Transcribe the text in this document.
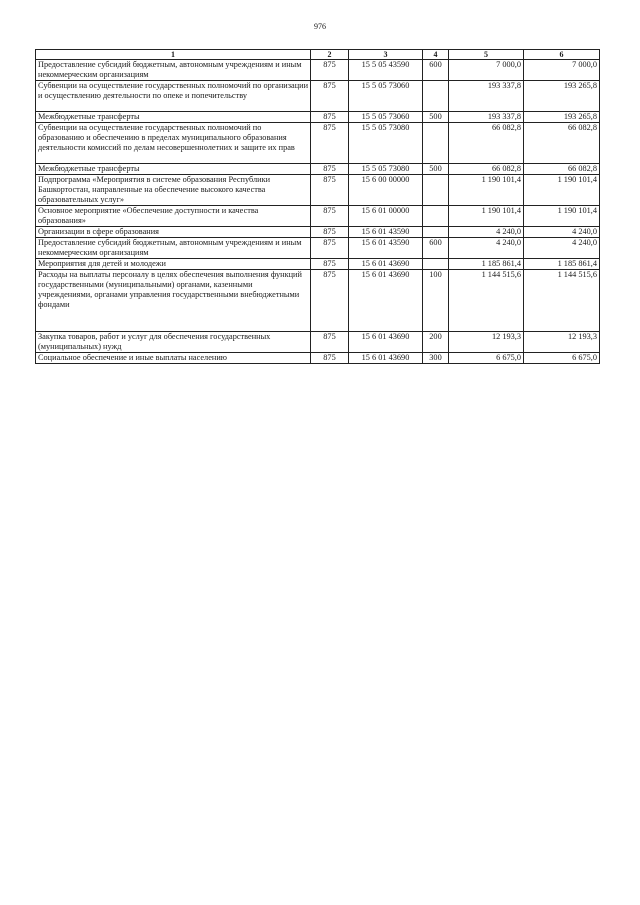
976
1	2	3	4	5	6
Предоставление субсидий бюджетным, автономным учреждениям и иным некоммерческим организациям	875	15 5 05 43590	600	7 000,0	7 000,0
Субвенции на осуществление государственных полномочий по организации и осуществлению деятельности по опеке и попечительству	875	15 5 05 73060		193 337,8	193 265,8
Межбюджетные трансферты	875	15 5 05 73060	500	193 337,8	193 265,8
Субвенции на осуществление государственных полномочий по образованию и обеспечению в пределах муниципального образования деятельности комиссий по делам несовершеннолетних и защите их прав	875	15 5 05 73080		66 082,8	66 082,8
Межбюджетные трансферты	875	15 5 05 73080	500	66 082,8	66 082,8
Подпрограмма «Мероприятия в системе образования Республики Башкортостан, направленные на обеспечение высокого качества образовательных услуг»	875	15 6 00 00000		1 190 101,4	1 190 101,4
Основное мероприятие «Обеспечение доступности и качества образования»	875	15 6 01 00000		1 190 101,4	1 190 101,4
Организации в сфере образования	875	15 6 01 43590		4 240,0	4 240,0
Предоставление субсидий бюджетным, автономным учреждениям и иным некоммерческим организациям	875	15 6 01 43590	600	4 240,0	4 240,0
Мероприятия для детей и молодежи	875	15 6 01 43690		1 185 861,4	1 185 861,4
Расходы на выплаты персоналу в целях обеспечения выполнения функций государственными (муниципальными) органами, казенными учреждениями, органами управления государственными внебюджетными фондами	875	15 6 01 43690	100	1 144 515,6	1 144 515,6
Закупка товаров, работ и услуг для обеспечения государственных (муниципальных) нужд	875	15 6 01 43690	200	12 193,3	12 193,3
Социальное обеспечение и иные выплаты населению	875	15 6 01 43690	300	6 675,0	6 675,0
